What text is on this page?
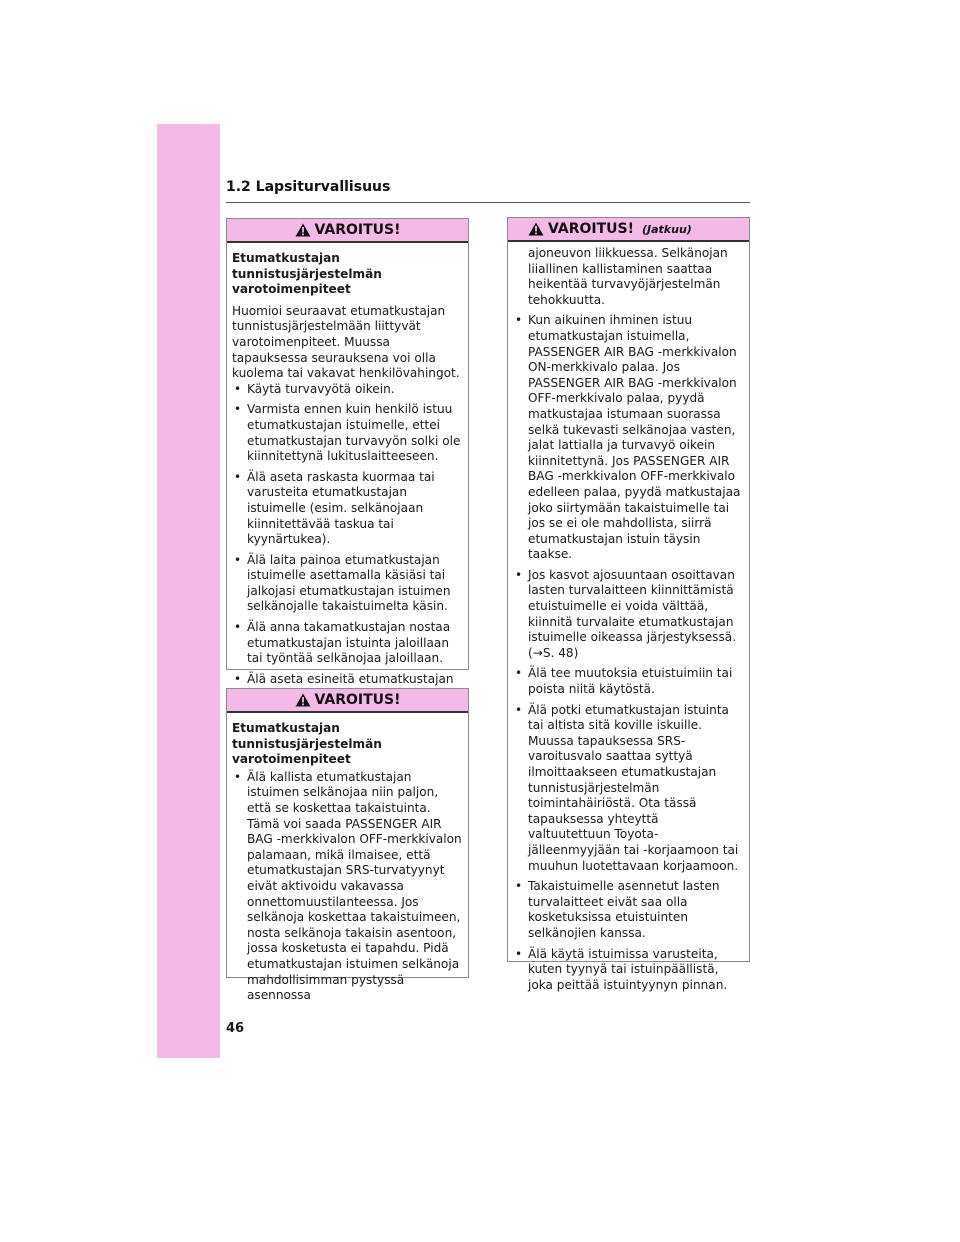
1.2 Lapsiturvallisuus
VAROITUS!
Etumatkustajan tunnistusjärjestelmän varotoimenpiteet
Huomioi seuraavat etumatkustajan tunnistusjärjestelmään liittyvät varotoimenpiteet. Muussa tapauksessa seurauksena voi olla kuolema tai vakavat henkilövahingot.
• Käytä turvavyötä oikein.
• Varmista ennen kuin henkilö istuu etumatkustajan istuimelle, ettei etumatkustajan turvavyön solki ole kiinnitettynä lukituslaitteeseen.
• Älä aseta raskasta kuormaa tai varusteita etumatkustajan istuimelle (esim. selkänojaan kiinnitettävää taskua tai kyynärtukea).
• Älä laita painoa etumatkustajan istuimelle asettamalla käsiäsi tai jalkojasi etumatkustajan istuimen selkänojalle takaistuimelta käsin.
• Älä anna takamatkustajan nostaa etumatkustajan istuinta jaloillaan tai työntää selkänojaa jaloillaan.
• Älä aseta esineitä etumatkustajan
VAROITUS!
Etumatkustajan tunnistusjärjestelmän varotoimenpiteet
• Älä kallista etumatkustajan istuimen selkänojaa niin paljon, että se koskettaa takaistuinta. Tämä voi saada PASSENGER AIR BAG -merkkivalon OFF-merkkivalon palamaan, mikä ilmaisee, että etumatkustajan SRS-turvatyynyt eivät aktivoidu vakavassa onnettomuustilanteessa. Jos selkänoja koskettaa takaistuimeen, nosta selkänoja takaisin asentoon, jossa kosketusta ei tapahdu. Pidä etumatkustajan istuimen selkänoja mahdollisimman pystyssä asennossa
VAROITUS! (Jatkuu)
ajoneuvon liikkuessa. Selkänojan liiallinen kallistaminen saattaa heikentää turvavyöjärjestelmän tehokkuutta.
• Kun aikuinen ihminen istuu etumatkustajan istuimella, PASSENGER AIR BAG -merkkivalon ON-merkkivalo palaa. Jos PASSENGER AIR BAG -merkkivalon OFF-merkkivalo palaa, pyydä matkustajaa istumaan suorassa selkä tukevasti selkänojaa vasten, jalat lattialla ja turvavyö oikein kiinnitettynä. Jos PASSENGER AIR BAG -merkkivalon OFF-merkkivalo edelleen palaa, pyydä matkustajaa joko siirtymään takaistuimelle tai jos se ei ole mahdollista, siirrä etumatkustajan istuin täysin taakse.
• Jos kasvot ajosuuntaan osoittavan lasten turvalaitteen kiinnittämistä etuistuimelle ei voida välttää, kiinnitä turvalaite etumatkustajan istuimelle oikeassa järjestyksessä. (→S. 48)
• Älä tee muutoksia etuistuimiin tai poista niitä käytöstä.
• Älä potki etumatkustajan istuinta tai altista sitä koville iskuille. Muussa tapauksessa SRS-varoitusvalo saattaa syttyä ilmoittaakseen etumatkustajan tunnistusjärjestelmän toimintahäiriöstä. Ota tässä tapauksessa yhteyttä valtuutettuun Toyota-jälleenmyyjään tai -korjaamoon tai muuhun luotettavaan korjaamoon.
• Takaistuimelle asennetut lasten turvalaitteet eivät saa olla kosketuksissa etuistuinten selkänojien kanssa.
• Älä käytä istuimissa varusteita, kuten tyynyä tai istuinpäällistä, joka peittää istuintyynyn pinnan.
46
